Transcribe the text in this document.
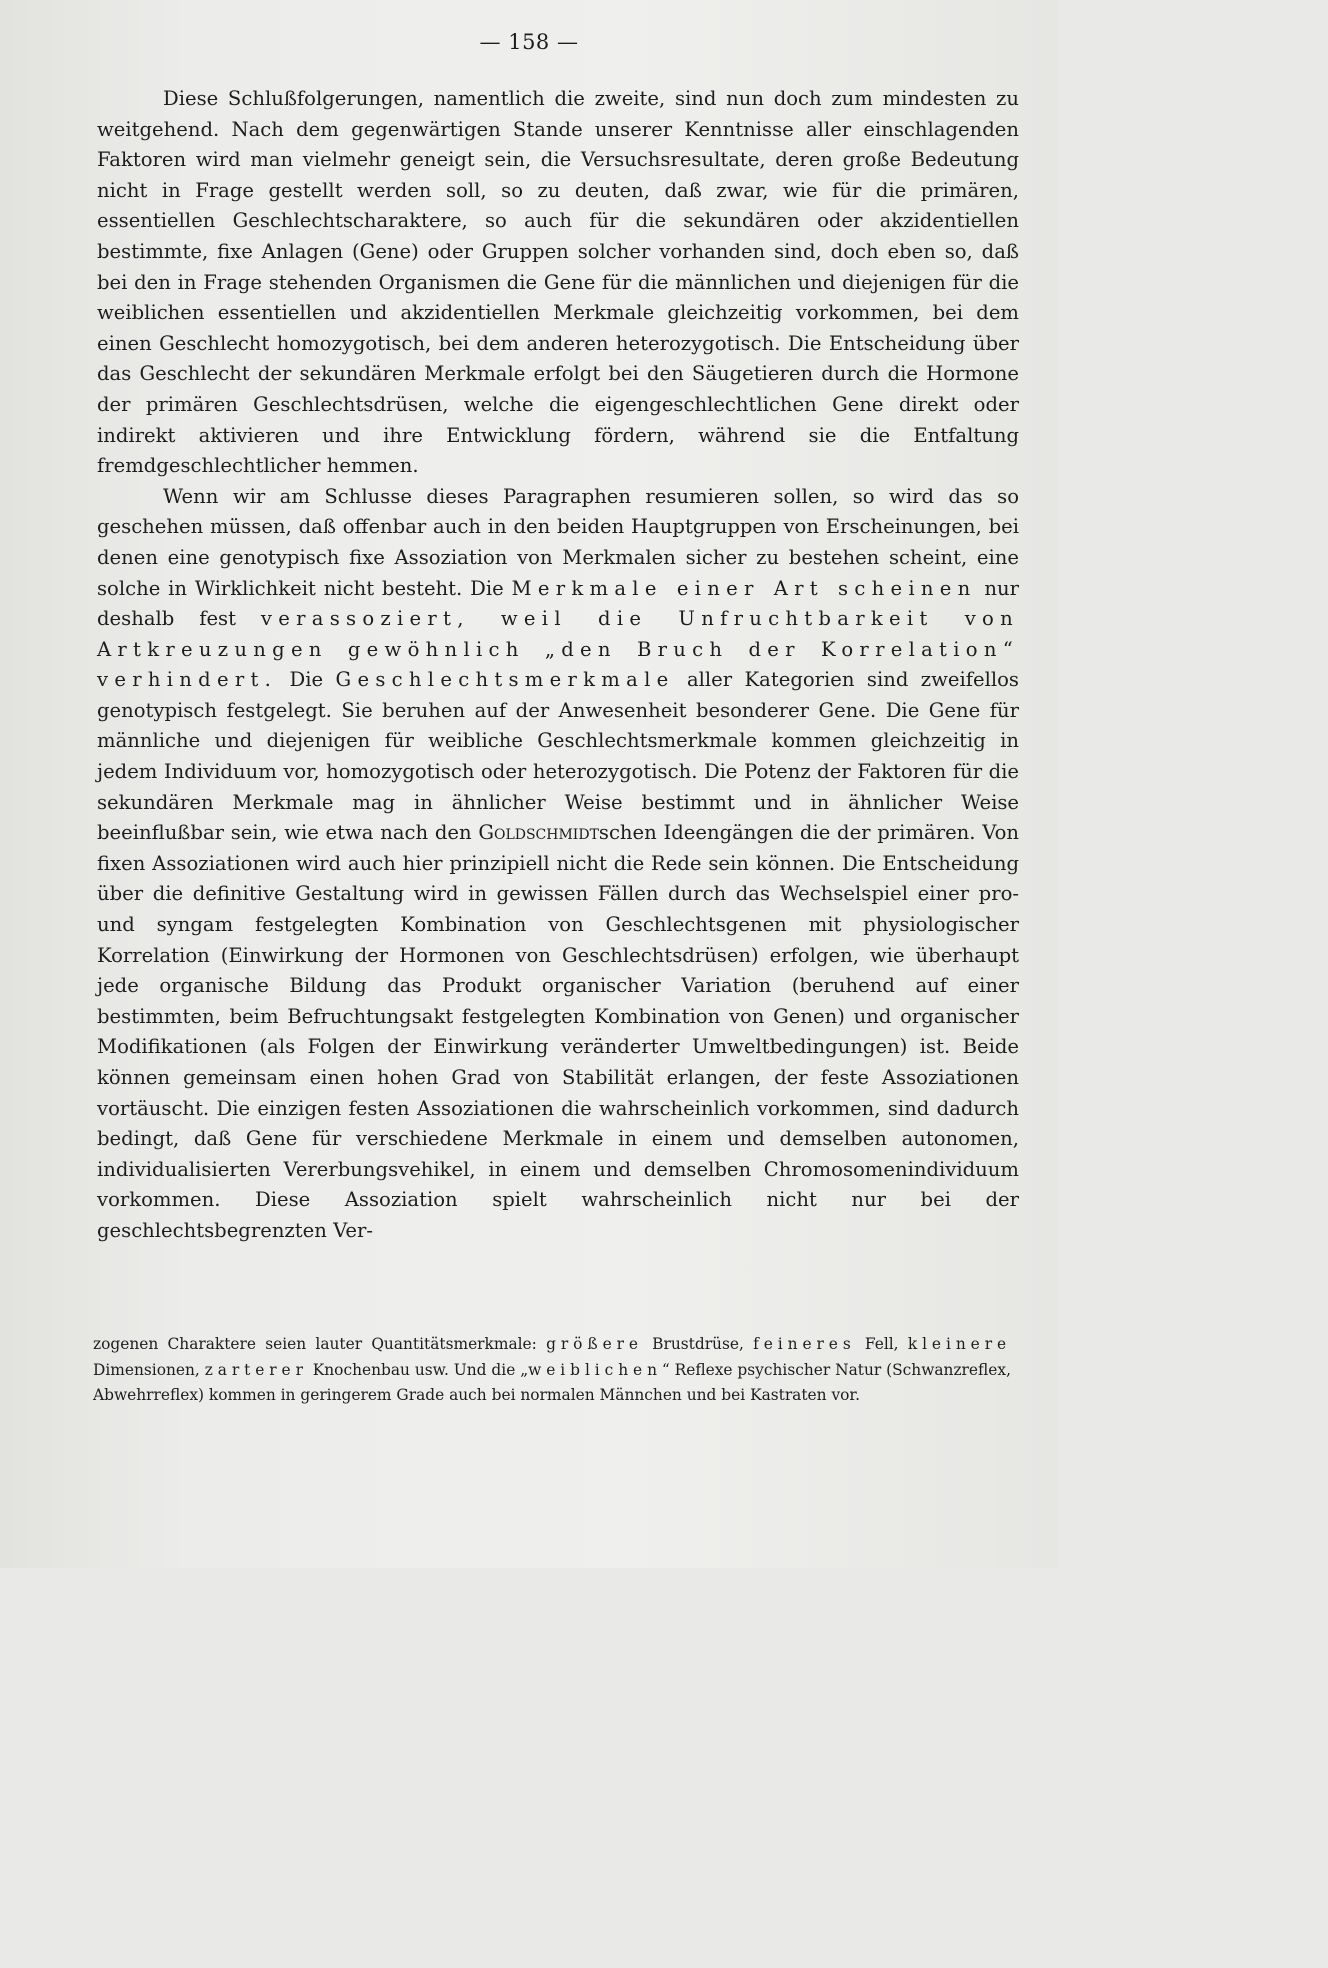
— 158 —

Diese Schlußfolgerungen, namentlich die zweite, sind nun doch zum mindesten zu weitgehend. Nach dem gegenwärtigen Stande unserer Kenntnisse aller einschlagenden Faktoren wird man vielmehr geneigt sein, die Versuchsresultate, deren große Bedeutung nicht in Frage gestellt werden soll, so zu deuten, daß zwar, wie für die primären, essentiellen Geschlechtscharaktere, so auch für die sekundären oder akzidentiellen bestimmte, fixe Anlagen (Gene) oder Gruppen solcher vorhanden sind, doch eben so, daß bei den in Frage stehenden Organismen die Gene für die männlichen und diejenigen für die weiblichen essentiellen und akzidentiellen Merkmale gleichzeitig vorkommen, bei dem einen Geschlecht homozygotisch, bei dem anderen heterozygotisch. Die Entscheidung über das Geschlecht der sekundären Merkmale erfolgt bei den Säugetieren durch die Hormone der primären Geschlechtsdrüsen, welche die eigengeschlechtlichen Gene direkt oder indirekt aktivieren und ihre Entwicklung fördern, während sie die Entfaltung fremdgeschlechtlicher hemmen.

Wenn wir am Schlusse dieses Paragraphen resumieren sollen, so wird das so geschehen müssen, daß offenbar auch in den beiden Hauptgruppen von Erscheinungen, bei denen eine genotypisch fixe Assoziation von Merkmalen sicher zu bestehen scheint, eine solche in Wirklichkeit nicht besteht. Die Merkmale einer Art scheinen nur deshalb fest verassoziert, weil die Unfruchtbarkeit von Artkreuzungen gewöhnlich „den Bruch der Korrelation“ verhindert. Die Geschlechtsmerkmale aller Kategorien sind zweifellos genotypisch festgelegt. Sie beruhen auf der Anwesenheit besonderer Gene. Die Gene für männliche und diejenigen für weibliche Geschlechtsmerkmale kommen gleichzeitig in jedem Individuum vor, homozygotisch oder heterozygotisch. Die Potenz der Faktoren für die sekundären Merkmale mag in ähnlicher Weise bestimmt und in ähnlicher Weise beeinflußbar sein, wie etwa nach den Goldschmidtschen Ideengängen die der primären. Von fixen Assoziationen wird auch hier prinzipiell nicht die Rede sein können. Die Entscheidung über die definitive Gestaltung wird in gewissen Fällen durch das Wechselspiel einer pro- und syngam festgelegten Kombination von Geschlechtsgenen mit physiologischer Korrelation (Einwirkung der Hormonen von Geschlechtsdrüsen) erfolgen, wie überhaupt jede organische Bildung das Produkt organischer Variation (beruhend auf einer bestimmten, beim Befruchtungsakt festgelegten Kombination von Genen) und organischer Modifikationen (als Folgen der Einwirkung veränderter Umweltbedingungen) ist. Beide können gemeinsam einen hohen Grad von Stabilität erlangen, der feste Assoziationen vortäuscht. Die einzigen festen Assoziationen die wahrscheinlich vorkommen, sind dadurch bedingt, daß Gene für verschiedene Merkmale in einem und demselben autonomen, individualisierten Vererbungsvehikel, in einem und demselben Chromosomenindividuum vorkommen. Diese Assoziation spielt wahrscheinlich nicht nur bei der geschlechtsbegrenzten Ver-

zogenen Charaktere seien lauter Quantitätsmerkmale: größere Brustdrüse, feineres Fell, kleinere Dimensionen, zarterer Knochenbau usw. Und die „weiblichen“ Reflexe psychischer Natur (Schwanzreflex, Abwehrreflex) kommen in geringerem Grade auch bei normalen Männchen und bei Kastraten vor.
